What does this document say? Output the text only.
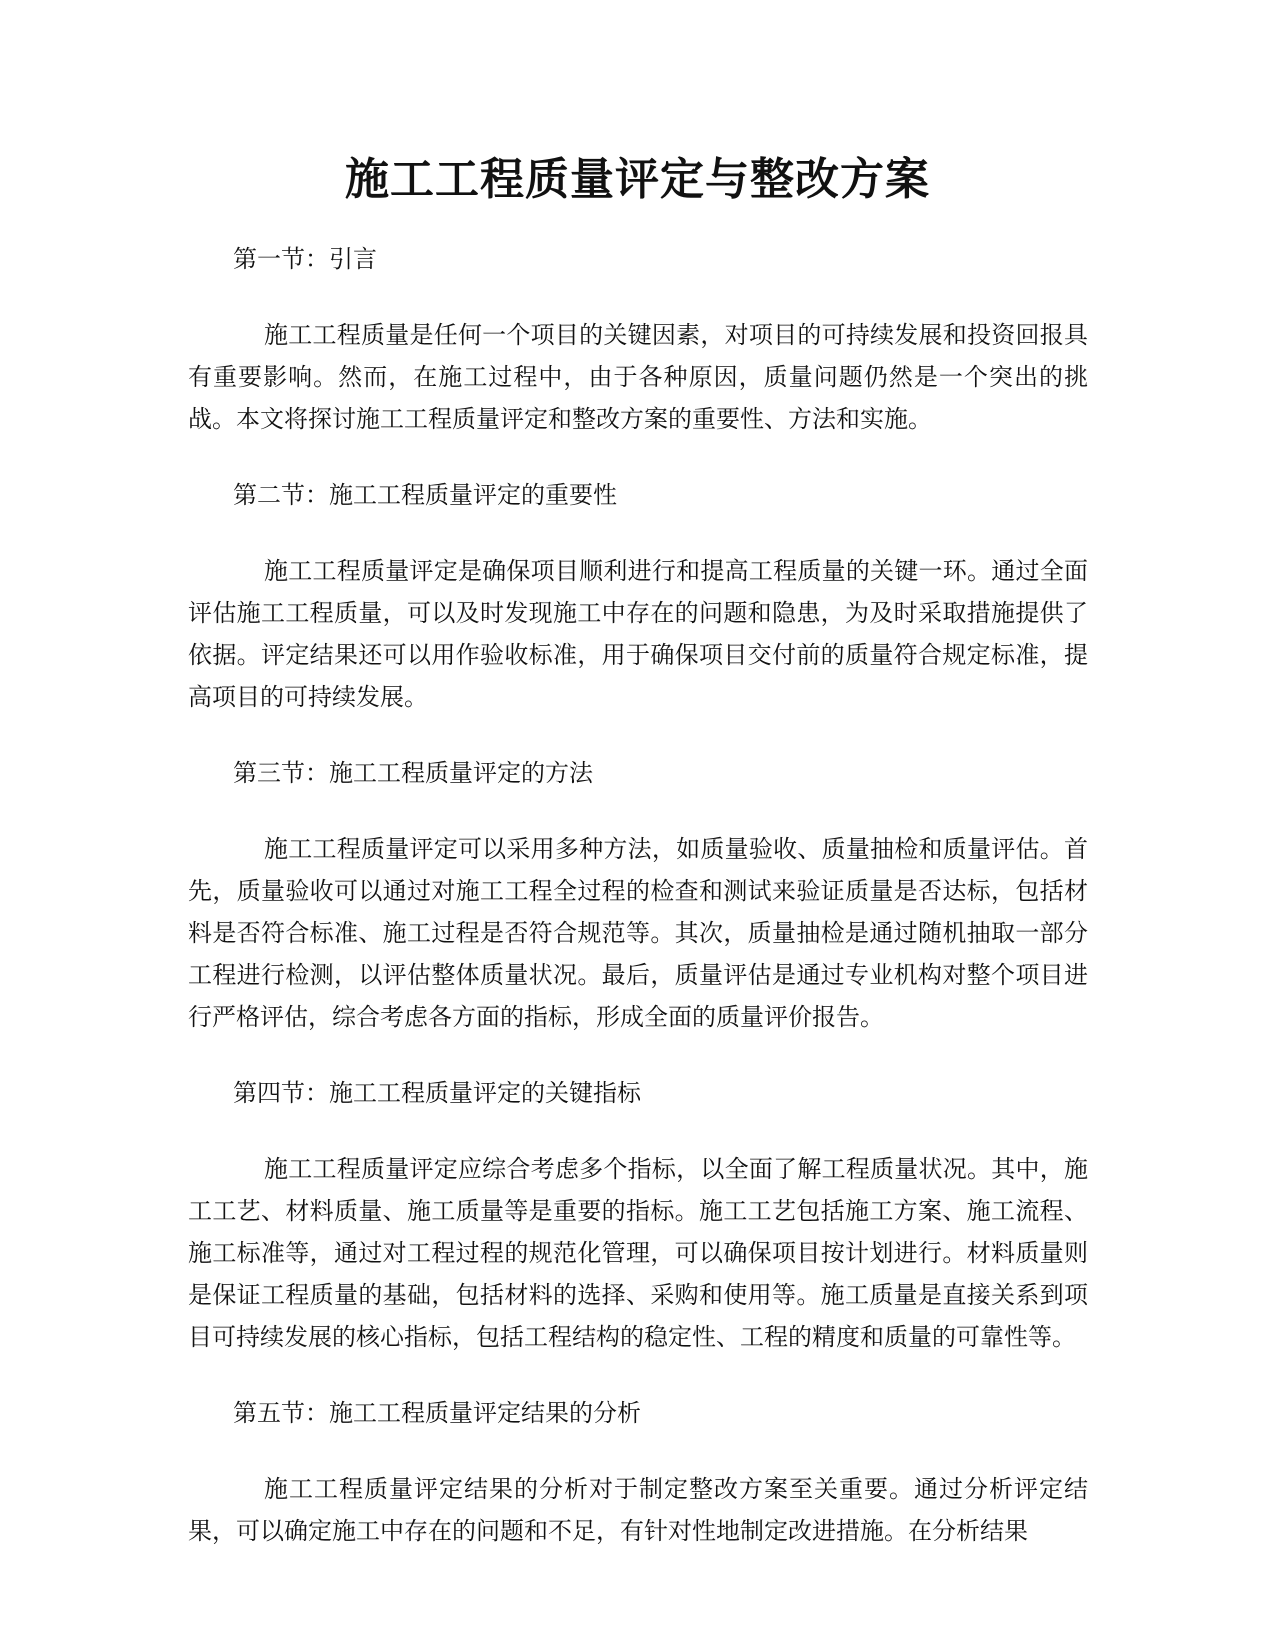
施工工程质量评定与整改方案

第一节：引言

施工工程质量是任何一个项目的关键因素，对项目的可持续发展和投资回报具有重要影响。然而，在施工过程中，由于各种原因，质量问题仍然是一个突出的挑战。本文将探讨施工工程质量评定和整改方案的重要性、方法和实施。

第二节：施工工程质量评定的重要性

施工工程质量评定是确保项目顺利进行和提高工程质量的关键一环。通过全面评估施工工程质量，可以及时发现施工中存在的问题和隐患，为及时采取措施提供了依据。评定结果还可以用作验收标准，用于确保项目交付前的质量符合规定标准，提高项目的可持续发展。

第三节：施工工程质量评定的方法

施工工程质量评定可以采用多种方法，如质量验收、质量抽检和质量评估。首先，质量验收可以通过对施工工程全过程的检查和测试来验证质量是否达标，包括材料是否符合标准、施工过程是否符合规范等。其次，质量抽检是通过随机抽取一部分工程进行检测，以评估整体质量状况。最后，质量评估是通过专业机构对整个项目进行严格评估，综合考虑各方面的指标，形成全面的质量评价报告。

第四节：施工工程质量评定的关键指标

施工工程质量评定应综合考虑多个指标，以全面了解工程质量状况。其中，施工工艺、材料质量、施工质量等是重要的指标。施工工艺包括施工方案、施工流程、施工标准等，通过对工程过程的规范化管理，可以确保项目按计划进行。材料质量则是保证工程质量的基础，包括材料的选择、采购和使用等。施工质量是直接关系到项目可持续发展的核心指标，包括工程结构的稳定性、工程的精度和质量的可靠性等。

第五节：施工工程质量评定结果的分析

施工工程质量评定结果的分析对于制定整改方案至关重要。通过分析评定结果，可以确定施工中存在的问题和不足，有针对性地制定改进措施。在分析结果
